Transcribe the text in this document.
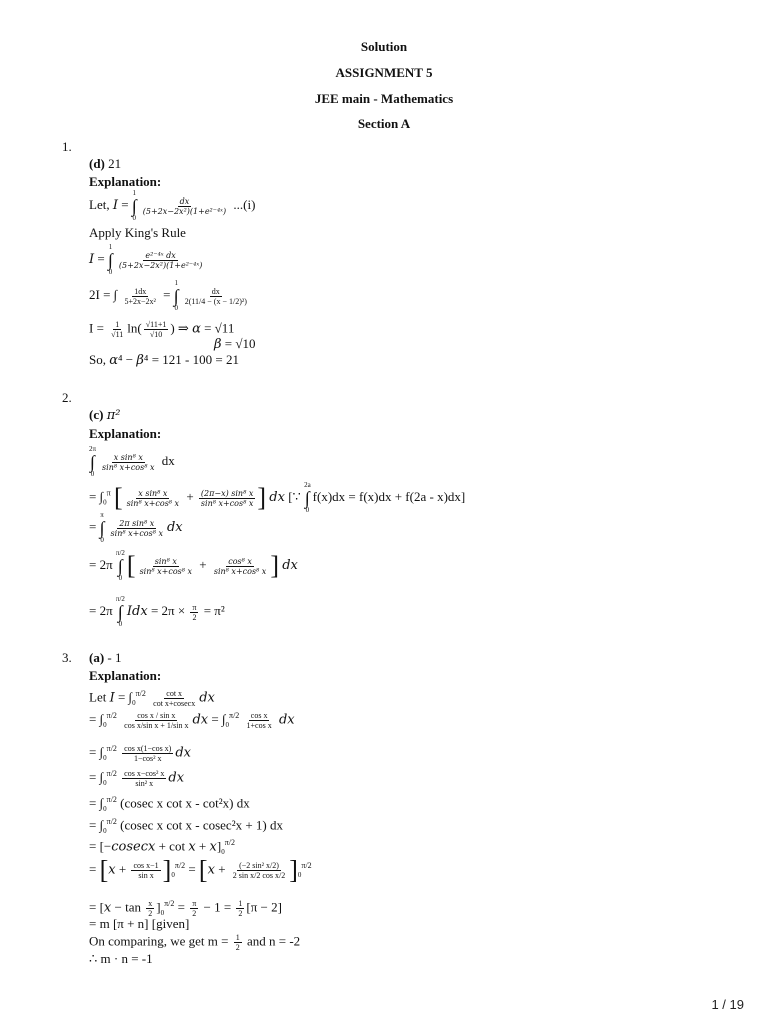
Solution
ASSIGNMENT 5
JEE main - Mathematics
Section A
1.
(d) 21
Explanation:
Let, I =
1
∫
0
$\frac{dx}{\text{(5+2x−2x²)(1+e²⁻⁴ˣ)}} ...(i)$
Apply King's Rule
I =
1
∫
0
$\frac{\text{e²⁻⁴ˣ dx}}{\text{(5+2x−2x²)(1+e²⁻⁴ˣ)}}$
2I = ∫ $\frac{1dx}{\text{5+2x−2x²}}$ =
1
∫
0
$\frac{dx}{\text{2(11/4 − (x − 1/2)²)}}$
$I = \frac{1}{√11} \ln( \frac{√11+1}{√10}$ ) ⇒ α = √11
β = √10
So, α⁴ − β⁴ = 121 - 100 = 21
2.
(c) π²
Explanation:
2π
∫
0
$\frac{\text{x sin⁸ x}}{\text{sin⁸ x+cos⁸ x}}$ dx
= $\int_0^\pi$ [ $\frac{\text{x sin⁸ x}}{\text{sin⁸ x+cos⁸ x}} + \frac{\text{(2π−x) sin⁸ x}}{\text{sin⁸ x+cos⁸ x}}$ ] dx [∵
2a
∫
0
f(x)dx = f(x)dx + f(2a - x)dx]
=
π
∫
0
$\frac{\text{2π sin⁸ x}}{\text{sin⁸ x+cos⁸ x}}$ dx
= 2π
π/2
∫
0 [ $\frac{\text{sin⁸ x}}{\text{sin⁸ x+cos⁸ x}} + \frac{\text{cos⁸ x}}{\text{sin⁸ x+cos⁸ x}}$ ] dx
= 2π
π/2
∫
0
Idx = $2\pi \times \frac{\pi}{2} = \pi^2$
3. (a) - 1
Explanation:
Let $I = \int_0^{\pi/2} \frac{\text{cot x}}{\text{cot x+cosecx}}$ dx
= $\int_0^{\pi/2} \frac{\text{cos x / sin x}}{\text{cos x/sin x + 1/sin x}}$ dx = $\int_0^{\pi/2} \frac{\text{cos x}}{\text{1+cos x}}$ dx
= $\int_0^{\pi/2} \frac{\text{cos x(1−cos x)}}{\text{1−cos² x}}$ dx
= $\int_0^{\pi/2} \frac{\text{cos x−cos² x}}{\text{sin² x}}$ dx
= $\int_0^{\pi/2}$ (cosec x cot x - cot²x) dx
= $\int_0^{\pi/2}$ (cosec x cot x - cosec²x + 1) dx
= $[-cosecx + \cot x + x]_0^{\pi/2}$
= $[x + \frac{\text{cos x−1}}{\text{sin x}} ]_0^{\pi/2} = [x + \frac{\text{(−2 sin² x/2)}}{\text{2 sin x/2 cos x/2}} ]_0^{\pi/2}$
= $[x - \tan \frac{x}{2} ]_0^{\pi/2} = \frac{\pi}{2} - 1 = \frac{1}{2} [\pi - 2]$
= m [π + n] [given]
On comparing, we get $m = \frac{1}{2}$ and n = -2
∴ m · n = -1
1 / 19
